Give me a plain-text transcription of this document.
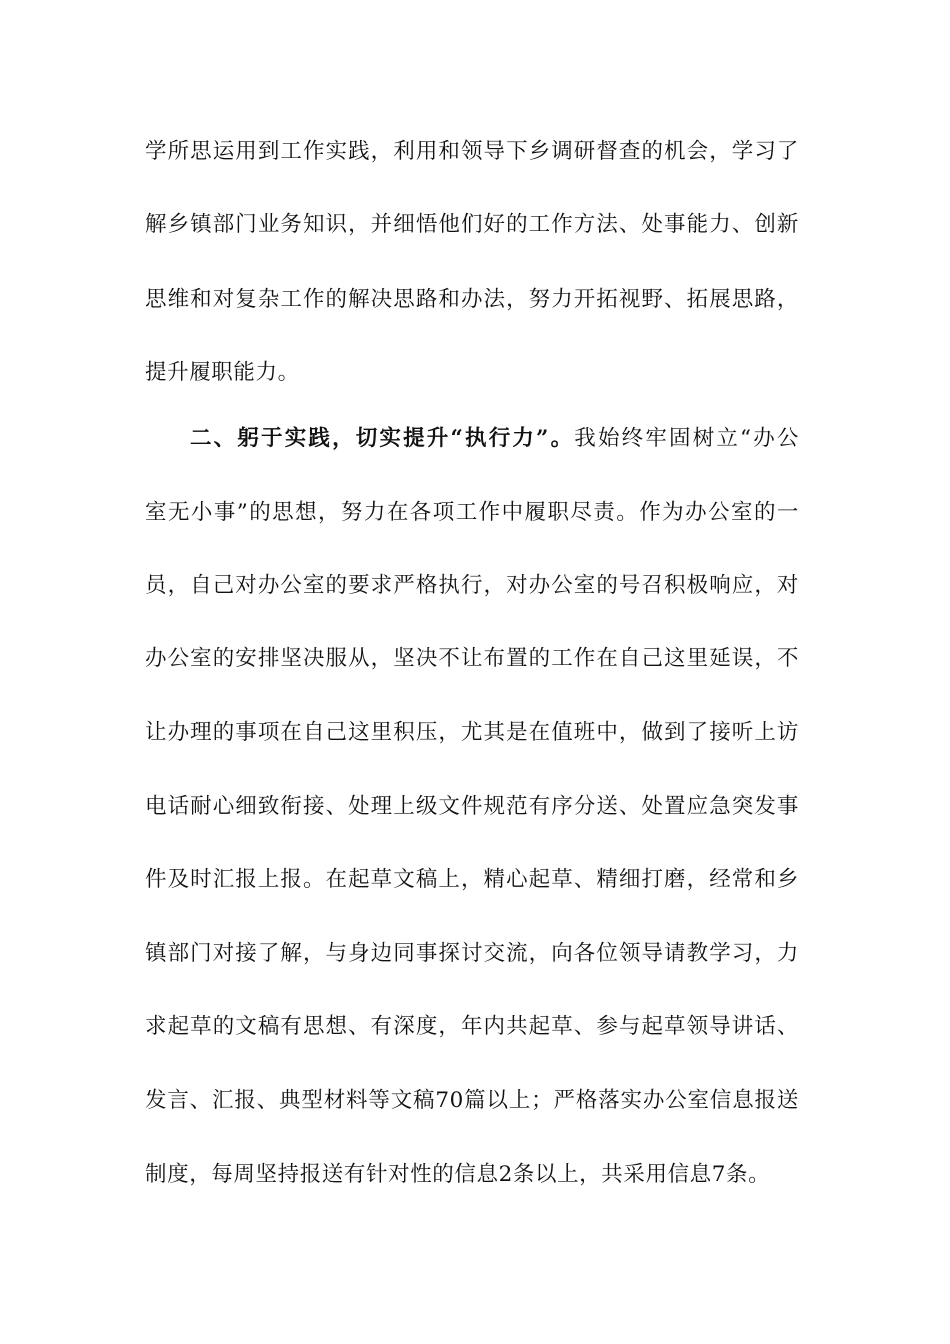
学所思运用到工作实践，利用和领导下乡调研督查的机会，学习了
解乡镇部门业务知识，并细悟他们好的工作方法、处事能力、创新
思维和对复杂工作的解决思路和办法，努力开拓视野、拓展思路，
提升履职能力。
二、躬于实践，切实提升“执行力”。我始终牢固树立“办公
室无小事”的思想，努力在各项工作中履职尽责。作为办公室的一
员，自己对办公室的要求严格执行，对办公室的号召积极响应，对
办公室的安排坚决服从，坚决不让布置的工作在自己这里延误，不
让办理的事项在自己这里积压，尤其是在值班中，做到了接听上访
电话耐心细致衔接、处理上级文件规范有序分送、处置应急突发事
件及时汇报上报。在起草文稿上，精心起草、精细打磨，经常和乡
镇部门对接了解，与身边同事探讨交流，向各位领导请教学习，力
求起草的文稿有思想、有深度，年内共起草、参与起草领导讲话、
发言、汇报、典型材料等文稿70篇以上；严格落实办公室信息报送
制度，每周坚持报送有针对性的信息2条以上，共采用信息7条。
